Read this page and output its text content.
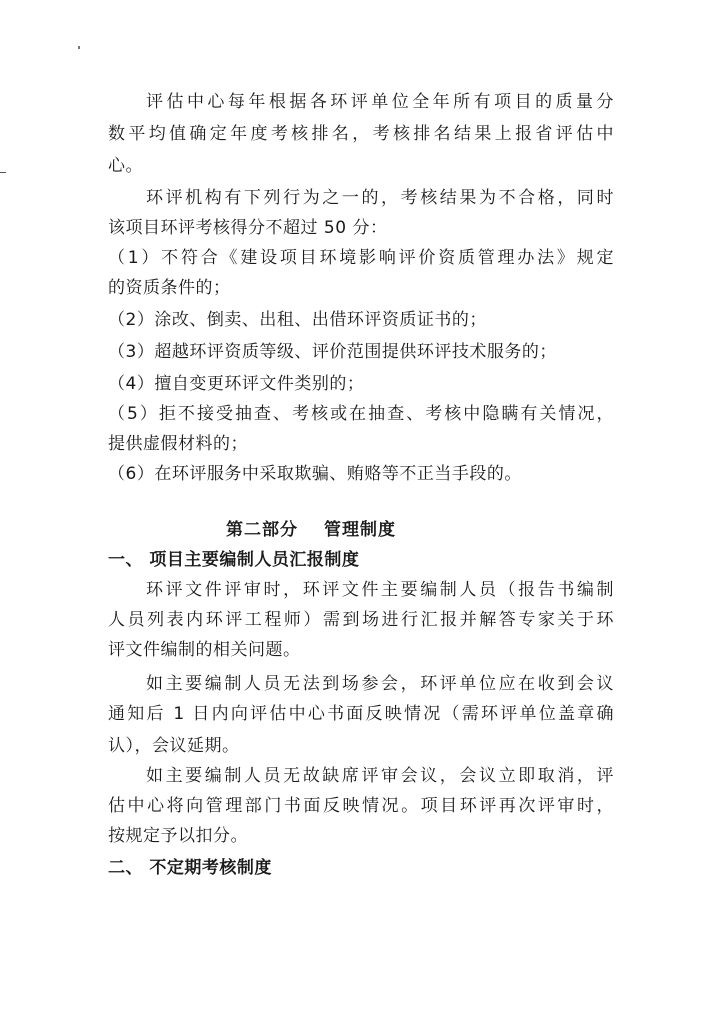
评估中心每年根据各环评单位全年所有项目的质量分
数平均值确定年度考核排名，考核排名结果上报省评估中
心。
环评机构有下列行为之一的，考核结果为不合格，同时
该项目环评考核得分不超过 50 分：
（1）不符合《建设项目环境影响评价资质管理办法》规定
的资质条件的；
（2）涂改、倒卖、出租、出借环评资质证书的；
（3）超越环评资质等级、评价范围提供环评技术服务的；
（4）擅自变更环评文件类别的；
（5）拒不接受抽查、考核或在抽查、考核中隐瞒有关情况，
提供虚假材料的；
（6）在环评服务中采取欺骗、贿赂等不正当手段的。
第二部分 管理制度
一、 项目主要编制人员汇报制度
环评文件评审时，环评文件主要编制人员（报告书编制
人员列表内环评工程师）需到场进行汇报并解答专家关于环
评文件编制的相关问题。
如主要编制人员无法到场参会，环评单位应在收到会议
通知后 1 日内向评估中心书面反映情况（需环评单位盖章确
认），会议延期。
如主要编制人员无故缺席评审会议，会议立即取消，评
估中心将向管理部门书面反映情况。项目环评再次评审时，
按规定予以扣分。
二、 不定期考核制度
